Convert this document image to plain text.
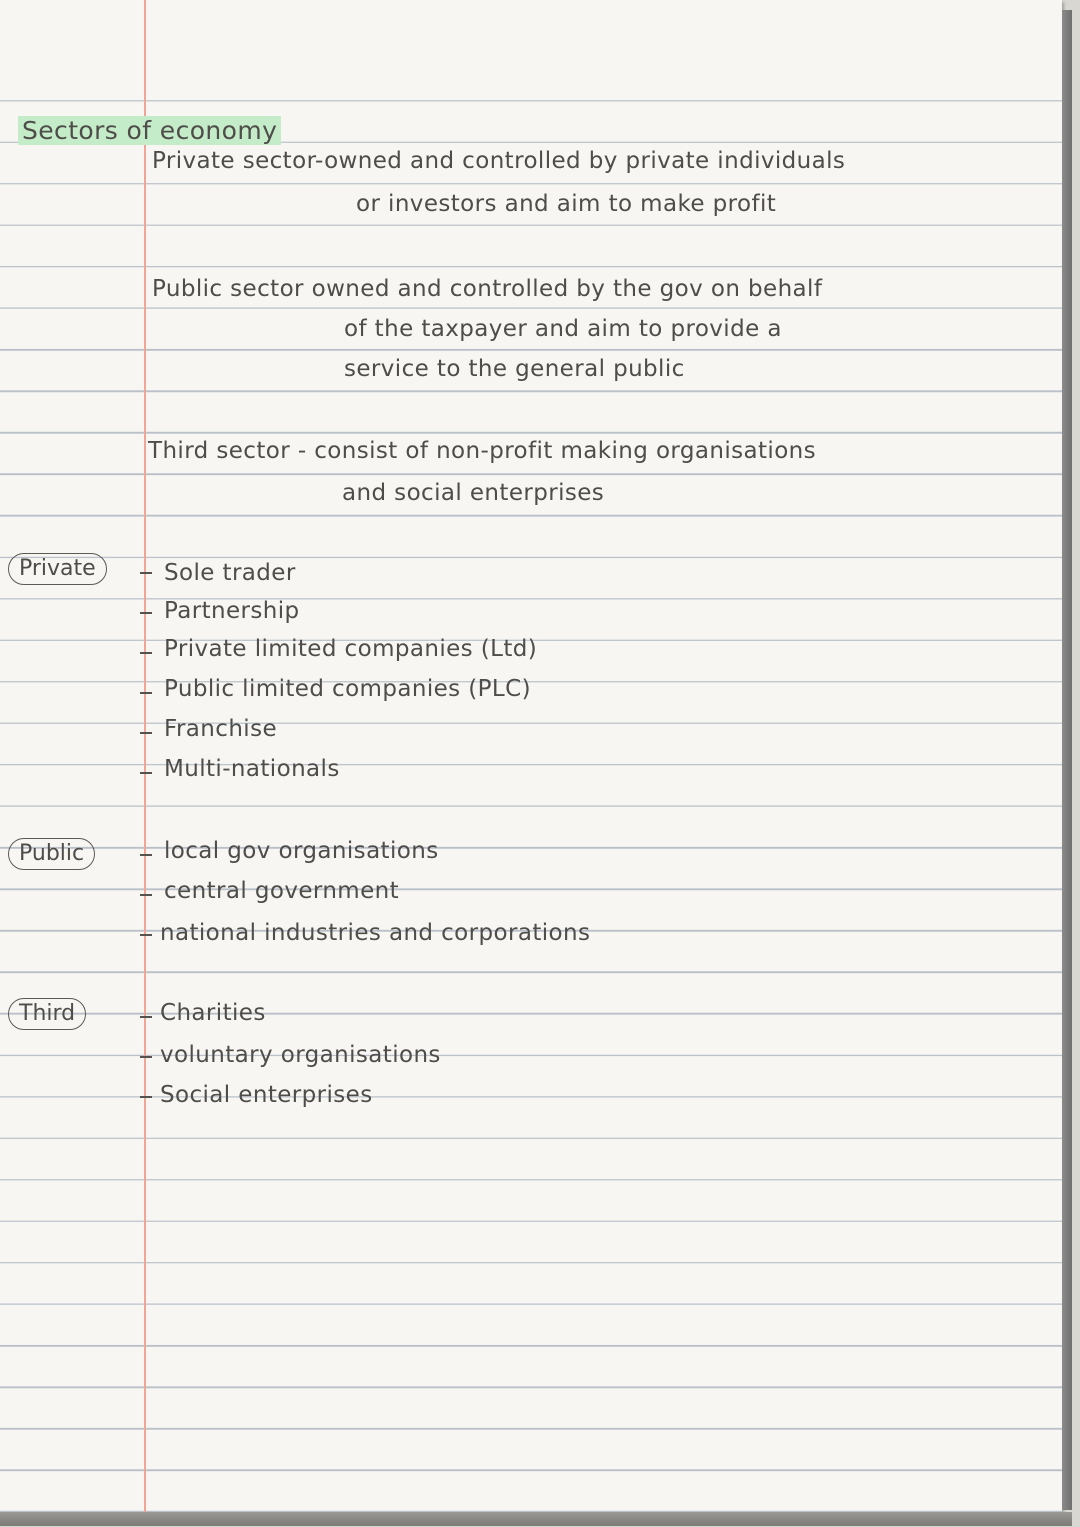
Sectors of economy
Private sector-owned and controlled by private individuals
or investors and aim to make profit
Public sector owned and controlled by the gov on behalf
of the taxpayer and aim to provide a
service to the general public
Third sector - consist of non-profit making organisations
and social enterprises
Private	Sole trader
Partnership
Private limited companies (Ltd)
Public limited companies (PLC)
Franchise
Multi-nationals
Public	local gov organisations
central government
national industries and corporations
Third	Charities
voluntary organisations
Social enterprises
